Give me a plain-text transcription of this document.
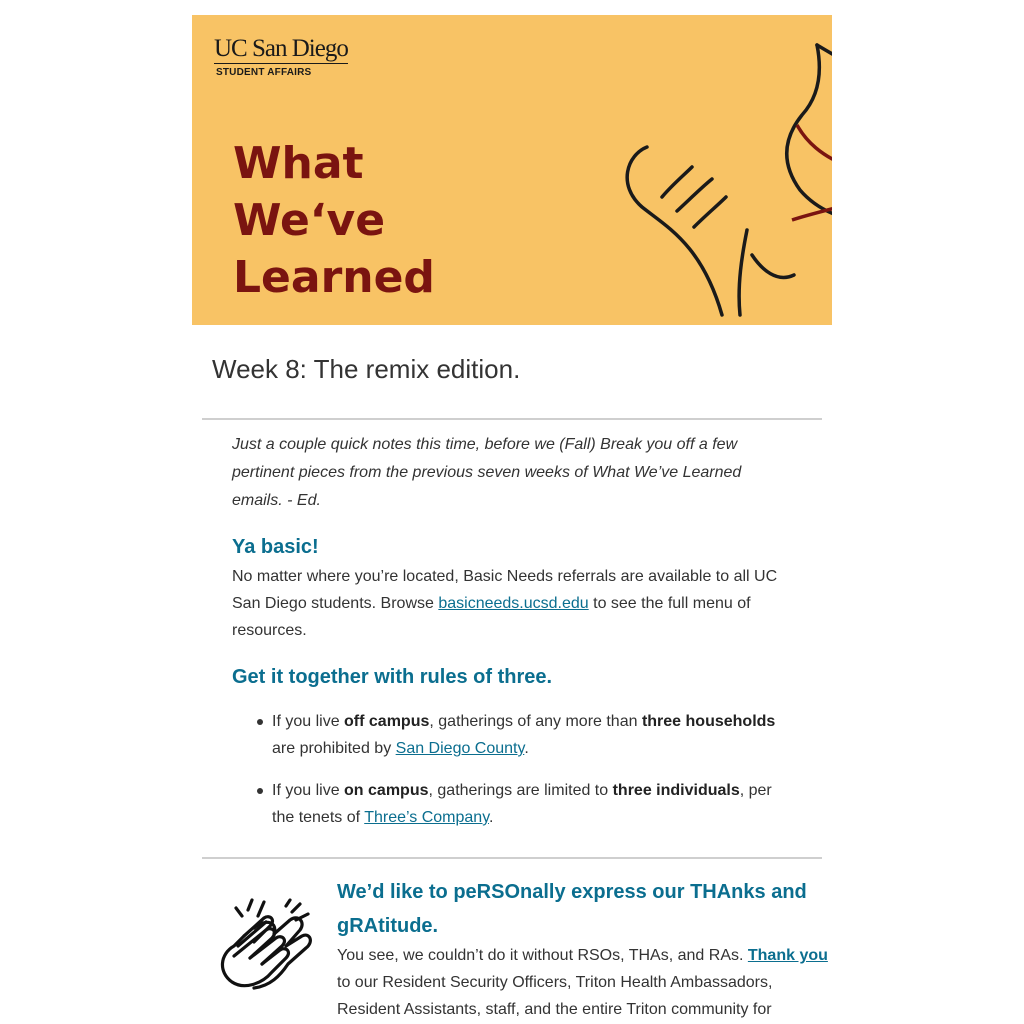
UC San Diego
STUDENT AFFAIRS
What
We‘ve
Learned
Week 8: The remix edition.

Just a couple quick notes this time, before we (Fall) Break you off a few pertinent pieces from the previous seven weeks of What We’ve Learned emails. - Ed.

Ya basic!

No matter where you’re located, Basic Needs referrals are available to all UC San Diego students. Browse basicneeds.ucsd.edu to see the full menu of resources.

Get it together with rules of three.
If you live off campus, gatherings of any more than three households are prohibited by San Diego County.
If you live on campus, gatherings are limited to three individuals, per the tenets of Three’s Company.
We’d like to peRSOnally express our THAnks and gRAtitude.

You see, we couldn’t do it without RSOs, THAs, and RAs. Thank you to our Resident Security Officers, Triton Health Ambassadors, Resident Assistants, staff, and the entire Triton community for
